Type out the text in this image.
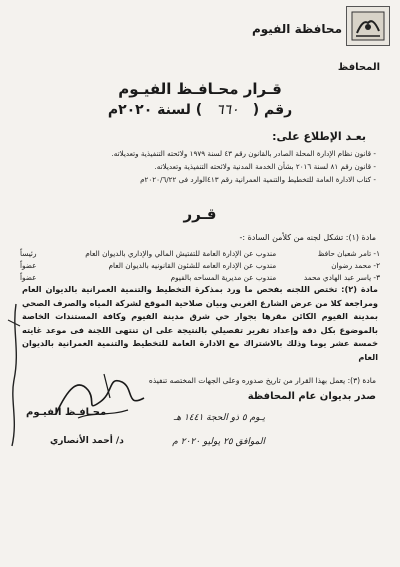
محافظة الفيوم
المحافظ
قـرار محـافـظ الفيـوم
رقم (٦٦٠) لسنة ٢٠٢٠م
بعـد الإطلاع على:
- قانون نظام الإدارة المحلة الصادر بالقانون رقم ٤٣ لسنة ١٩٧٩ ولائحته التنفيذية وتعديلاته.
- قانون رقم ٨١ لسنة ٢٠١٦ بشأن الخدمة المدنية ولائحته التنفيذية وتعديلاته.
- كتاب الادارة العامة للتخطيط والتنمية العمرانية رقم ٤١٣الوارد فى ٢٠٢٠/٦/٢٢م
قـرر
مادة (١): تشكل لجنه من كلأمن السادة :-
١- تامر شعبان حافظ	مندوب عن الإدارة العامة للتفتيش المالي والإداري بالديوان العام	رئيساً
٢- محمد رضوان	مندوب عن الإداره العامه للشئون القانونيه بالديوان العام	عضواً
٣- ياسر عبد الهادي محمد	مندوب عن مديرية المساحه بالفيوم	عضواً
مادة (٢): تختص اللجنه بفحص ما ورد بمذكرة التخطيط والتنمية العمرانية بالديوان العام ومراجعة كلا من عرض الشارع الغربي وبيان صلاحية الموقع لشركة المياه والصرف الصحي بمدينة الفيوم الكائن مقرها بجوار حي شرق مدينة الفيوم وكافة المستندات الخاصة بالموضوع بكل دقة وإعداد تقرير تفصيلي بالنتيجة على ان تنتهى اللجنة فى موعد غايته خمسة عشر يوما وذلك بالاشتراك مع الادارة العامة للتخطيط والتنمية العمرانية بالديوان العام
مادة (٣): يعمل بهذا القرار من تاريخ صدوره وعلى الجهات المختصه تنفيذه
صدر بديوان عام المحافظة
يـوم ٥ ذو الحجة ١٤٤١ هـ
الموافق ٢٥ يوليو ٢٠٢٠ م
محـافـظ الفيـوم
د/ أحمد الأنصاري
